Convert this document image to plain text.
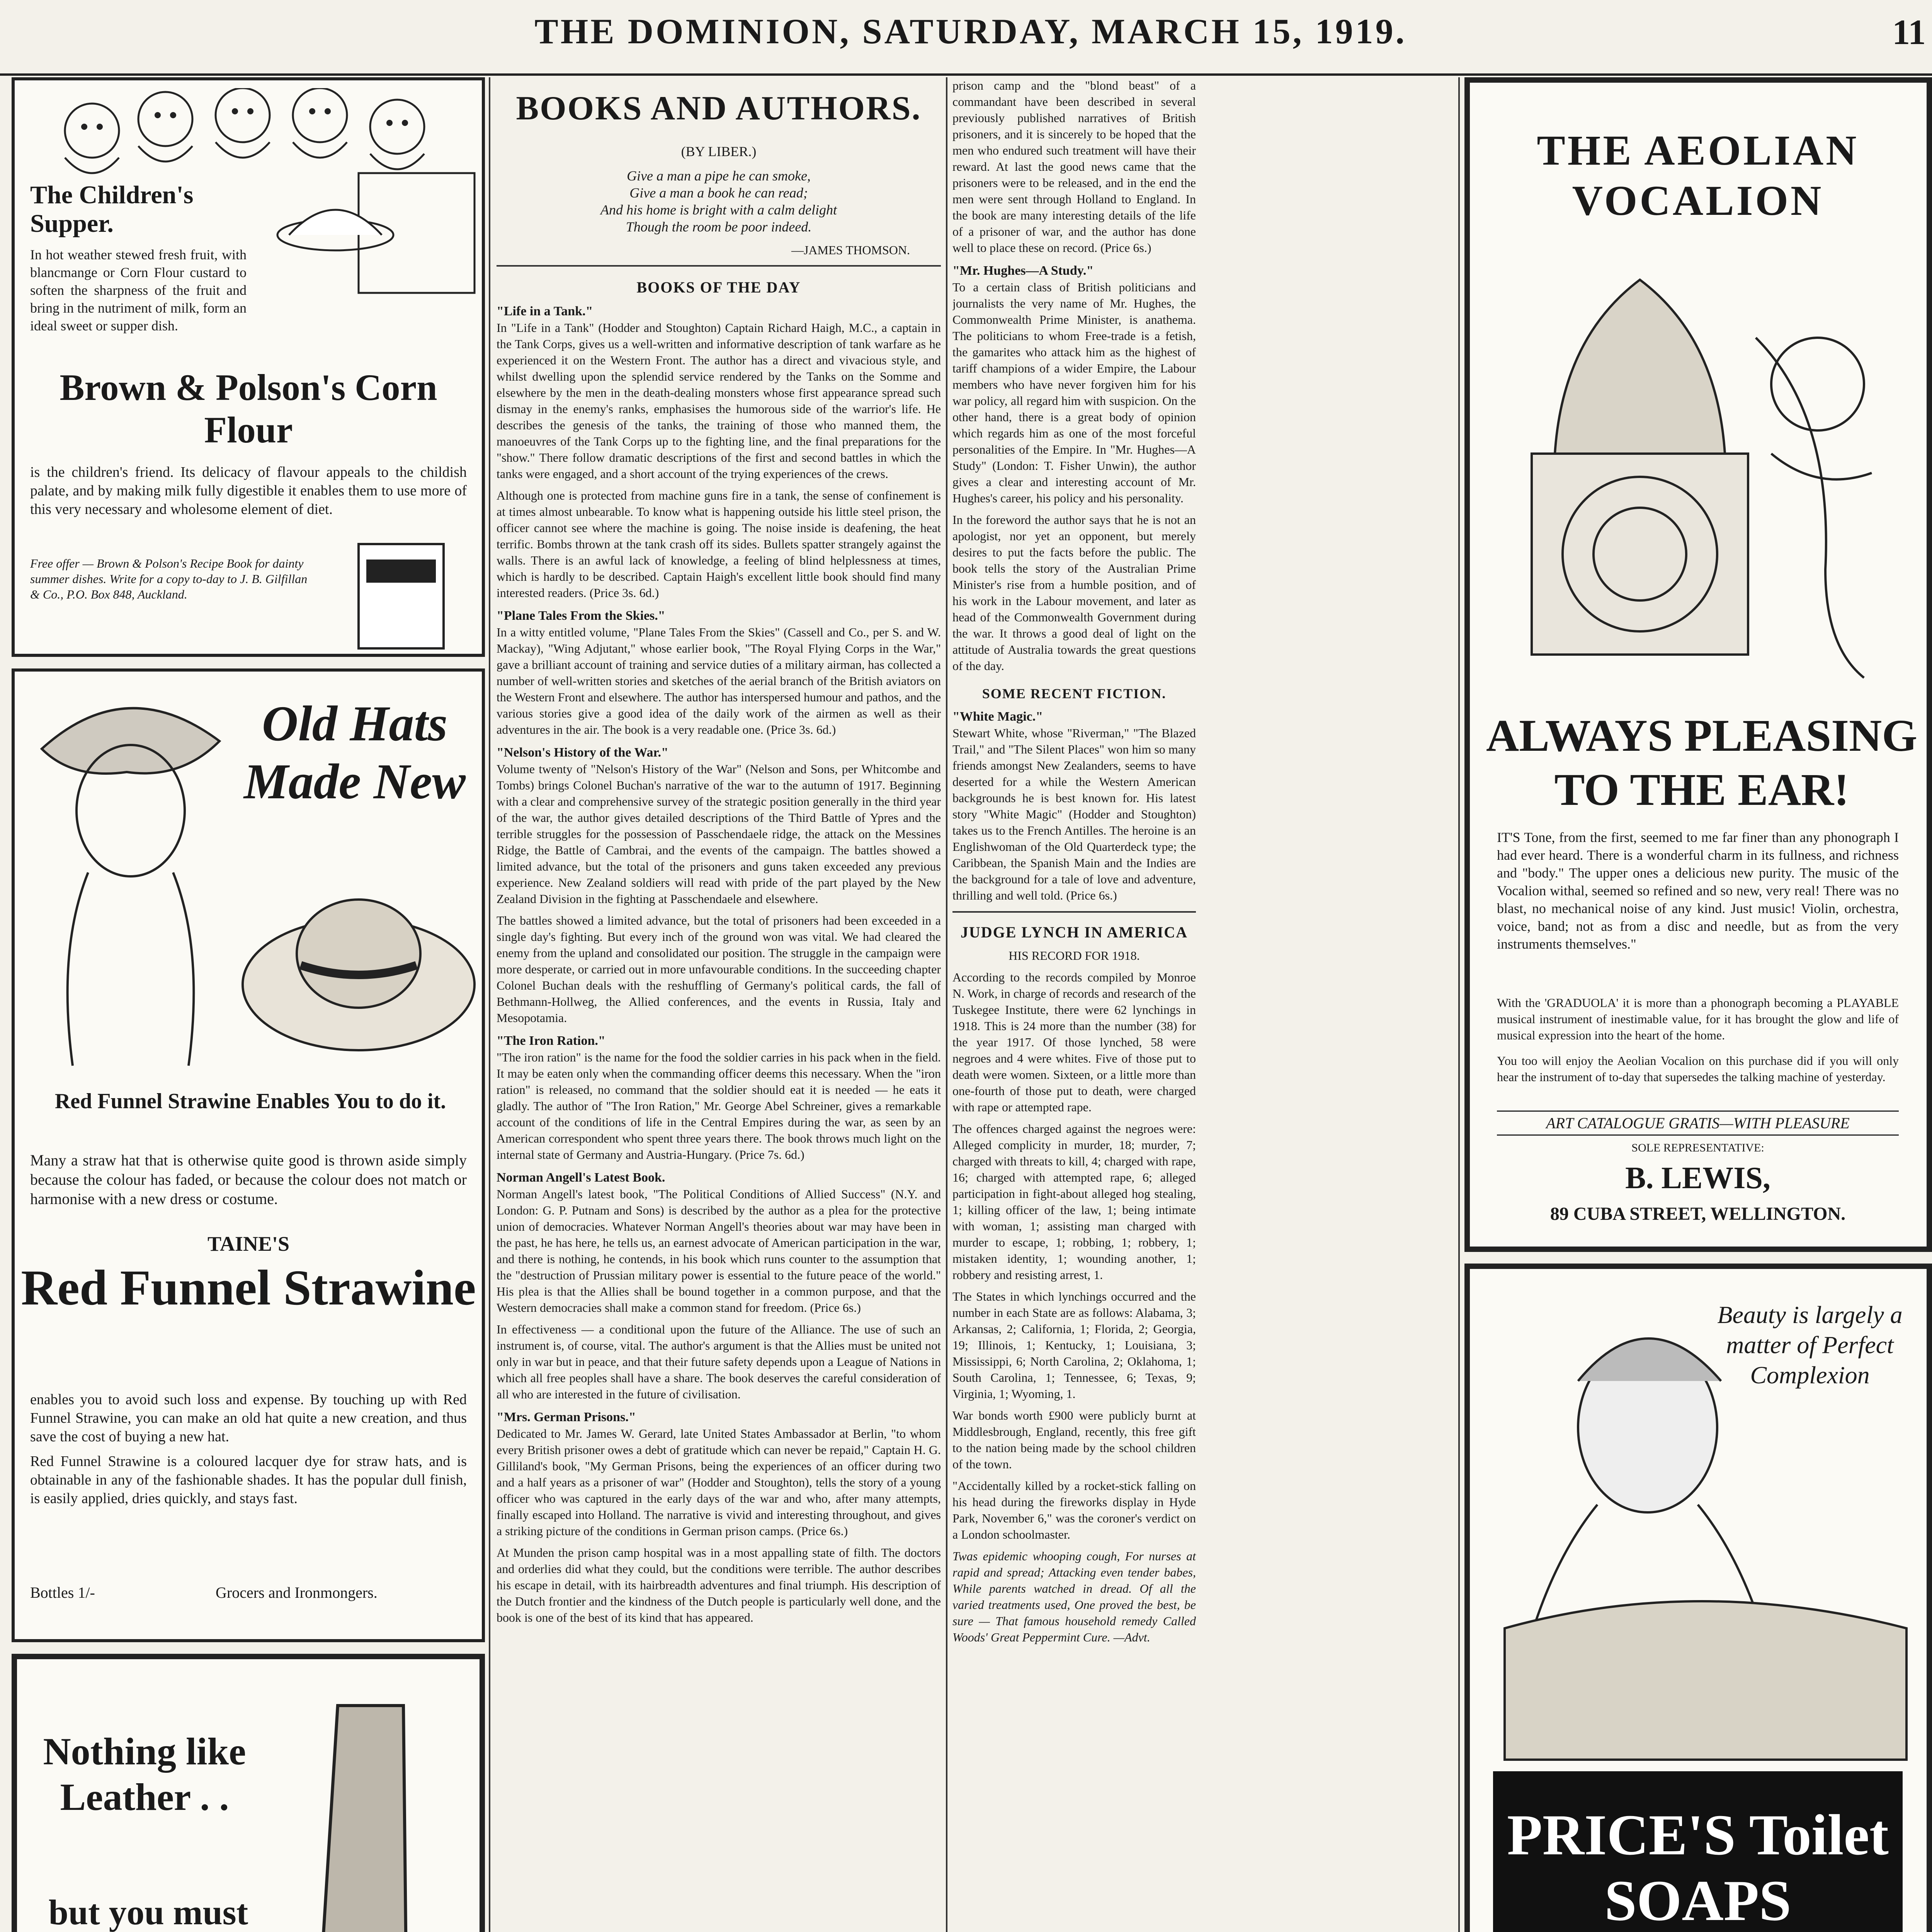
THE DOMINION, SATURDAY, MARCH 15, 1919.	11
The Children's Supper.
In hot weather stewed fresh fruit, with blancmange or Corn Flour custard to soften the sharpness of the fruit and bring in the nutriment of milk, form an ideal sweet or supper dish.
Brown & Polson's Corn Flour
is the children's friend. Its delicacy of flavour appeals to the childish palate, and by making milk fully digestible it enables them to use more of this very necessary and wholesome element of diet.
Free offer — Brown & Polson's Recipe Book for dainty summer dishes. Write for a copy to-day to J. B. Gilfillan & Co., P.O. Box 848, Auckland.
Old Hats Made New
Red Funnel Strawine Enables You to do it.
Many a straw hat that is otherwise quite good is thrown aside simply because the colour has faded, or because the colour does not match or harmonise with a new dress or costume.
TAINE'S
Red Funnel Strawine
enables you to avoid such loss and expense. By touching up with Red Funnel Strawine, you can make an old hat quite a new creation, and thus save the cost of buying a new hat.
Red Funnel Strawine is a coloured lacquer dye for straw hats, and is obtainable in any of the fashionable shades. It has the popular dull finish, is easily applied, dries quickly, and stays fast.
Bottles 1/-	Grocers and Ironmongers.
Nothing like Leather . .
but you must
BOOKS AND AUTHORS.
(BY LIBER.)
Give a man a pipe he can smoke,
Give a man a book he can read;
And his home is bright with a calm delight
Though the room be poor indeed.
—JAMES THOMSON.
BOOKS OF THE DAY
"Life in a Tank."

In "Life in a Tank" (Hodder and Stoughton) Captain Richard Haigh, M.C., a captain in the Tank Corps, gives us a well-written and informative description of tank warfare as he experienced it on the Western Front. The author has a direct and vivacious style, and whilst dwelling upon the splendid service rendered by the Tanks on the Somme and elsewhere by the men in the death-dealing monsters whose first appearance spread such dismay in the enemy's ranks, emphasises the humorous side of the warrior's life. He describes the genesis of the tanks, the training of those who manned them, the manoeuvres of the Tank Corps up to the fighting line, and the final preparations for the "show." There follow dramatic descriptions of the first and second battles in which the tanks were engaged, and a short account of the trying experiences of the crews.

Although one is protected from machine guns fire in a tank, the sense of confinement is at times almost unbearable. To know what is happening outside his little steel prison, the officer cannot see where the machine is going. The noise inside is deafening, the heat terrific. Bombs thrown at the tank crash off its sides. Bullets spatter strangely against the walls. There is an awful lack of knowledge, a feeling of blind helplessness at times, which is hardly to be described. Captain Haigh's excellent little book should find many interested readers. (Price 3s. 6d.)

"Plane Tales From the Skies."

In a witty entitled volume, "Plane Tales From the Skies" (Cassell and Co., per S. and W. Mackay), "Wing Adjutant," whose earlier book, "The Royal Flying Corps in the War," gave a brilliant account of training and service duties of a military airman, has collected a number of well-written stories and sketches of the aerial branch of the British aviators on the Western Front and elsewhere. The author has interspersed humour and pathos, and the various stories give a good idea of the daily work of the airmen as well as their adventures in the air. The book is a very readable one. (Price 3s. 6d.)

"Nelson's History of the War."

Volume twenty of "Nelson's History of the War" (Nelson and Sons, per Whitcombe and Tombs) brings Colonel Buchan's narrative of the war to the autumn of 1917. Beginning with a clear and comprehensive survey of the strategic position generally in the third year of the war, the author gives detailed descriptions of the Third Battle of Ypres and the terrible struggles for the possession of Passchendaele ridge, the attack on the Messines Ridge, the Battle of Cambrai, and the events of the campaign. The battles showed a limited advance, but the total of the prisoners and guns taken exceeded any previous experience. New Zealand soldiers will read with pride of the part played by the New Zealand Division in the fighting at Passchendaele and elsewhere.

The battles showed a limited advance, but the total of prisoners had been exceeded in a single day's fighting. But every inch of the ground won was vital. We had cleared the enemy from the upland and consolidated our position. The struggle in the campaign were more desperate, or carried out in more unfavourable conditions. In the succeeding chapter Colonel Buchan deals with the reshuffling of Germany's political cards, the fall of Bethmann-Hollweg, the Allied conferences, and the events in Russia, Italy and Mesopotamia.

"The Iron Ration."

"The iron ration" is the name for the food the soldier carries in his pack when in the field. It may be eaten only when the commanding officer deems this necessary. When the "iron ration" is released, no command that the soldier should eat it is needed — he eats it gladly. The author of "The Iron Ration," Mr. George Abel Schreiner, gives a remarkable account of the conditions of life in the Central Empires during the war, as seen by an American correspondent who spent three years there. The book throws much light on the internal state of Germany and Austria-Hungary. (Price 7s. 6d.)

Norman Angell's Latest Book.

Norman Angell's latest book, "The Political Conditions of Allied Success" (N.Y. and London: G. P. Putnam and Sons) is described by the author as a plea for the protective union of democracies. Whatever Norman Angell's theories about war may have been in the past, he has here, he tells us, an earnest advocate of American participation in the war, and there is nothing, he contends, in his book which runs counter to the assumption that the "destruction of Prussian military power is essential to the future peace of the world." His plea is that the Allies shall be bound together in a common purpose, and that the Western democracies shall make a common stand for freedom. (Price 6s.)

In effectiveness — a conditional upon the future of the Alliance. The use of such an instrument is, of course, vital. The author's argument is that the Allies must be united not only in war but in peace, and that their future safety depends upon a League of Nations in which all free peoples shall have a share. The book deserves the careful consideration of all who are interested in the future of civilisation.

"Mrs. German Prisons."

Dedicated to Mr. James W. Gerard, late United States Ambassador at Berlin, "to whom every British prisoner owes a debt of gratitude which can never be repaid," Captain H. G. Gilliland's book, "My German Prisons, being the experiences of an officer during two and a half years as a prisoner of war" (Hodder and Stoughton), tells the story of a young officer who was captured in the early days of the war and who, after many attempts, finally escaped into Holland. The narrative is vivid and interesting throughout, and gives a striking picture of the conditions in German prison camps. (Price 6s.)

At Munden the prison camp hospital was in a most appalling state of filth. The doctors and orderlies did what they could, but the conditions were terrible. The author describes his escape in detail, with its hairbreadth adventures and final triumph. His description of the Dutch frontier and the kindness of the Dutch people is particularly well done, and the book is one of the best of its kind that has appeared.

prison camp and the "blond beast" of a commandant have been described in several previously published narratives of British prisoners, and it is sincerely to be hoped that the men who endured such treatment will have their reward. At last the good news came that the prisoners were to be released, and in the end the men were sent through Holland to England. In the book are many interesting details of the life of a prisoner of war, and the author has done well to place these on record. (Price 6s.)

"Mr. Hughes—A Study."

To a certain class of British politicians and journalists the very name of Mr. Hughes, the Commonwealth Prime Minister, is anathema. The politicians to whom Free-trade is a fetish, the gamarites who attack him as the highest of tariff champions of a wider Empire, the Labour members who have never forgiven him for his war policy, all regard him with suspicion. On the other hand, there is a great body of opinion which regards him as one of the most forceful personalities of the Empire. In "Mr. Hughes—A Study" (London: T. Fisher Unwin), the author gives a clear and interesting account of Mr. Hughes's career, his policy and his personality.

In the foreword the author says that he is not an apologist, nor yet an opponent, but merely desires to put the facts before the public. The book tells the story of the Australian Prime Minister's rise from a humble position, and of his work in the Labour movement, and later as head of the Commonwealth Government during the war. It throws a good deal of light on the attitude of Australia towards the great questions of the day.

SOME RECENT FICTION.
"White Magic."

Stewart White, whose "Riverman," "The Blazed Trail," and "The Silent Places" won him so many friends amongst New Zealanders, seems to have deserted for a while the Western American backgrounds he is best known for. His latest story "White Magic" (Hodder and Stoughton) takes us to the French Antilles. The heroine is an Englishwoman of the Old Quarterdeck type; the Caribbean, the Spanish Main and the Indies are the background for a tale of love and adventure, thrilling and well told. (Price 6s.)

JUDGE LYNCH IN AMERICA
HIS RECORD FOR 1918.

According to the records compiled by Monroe N. Work, in charge of records and research of the Tuskegee Institute, there were 62 lynchings in 1918. This is 24 more than the number (38) for the year 1917. Of those lynched, 58 were negroes and 4 were whites. Five of those put to death were women. Sixteen, or a little more than one-fourth of those put to death, were charged with rape or attempted rape.

The offences charged against the negroes were: Alleged complicity in murder, 18; murder, 7; charged with threats to kill, 4; charged with rape, 16; charged with attempted rape, 6; alleged participation in fight-about alleged hog stealing, 1; killing officer of the law, 1; being intimate with woman, 1; assisting man charged with murder to escape, 1; robbing, 1; robbery, 1; mistaken identity, 1; wounding another, 1; robbery and resisting arrest, 1.

The States in which lynchings occurred and the number in each State are as follows: Alabama, 3; Arkansas, 2; California, 1; Florida, 2; Georgia, 19; Illinois, 1; Kentucky, 1; Louisiana, 3; Mississippi, 6; North Carolina, 2; Oklahoma, 1; South Carolina, 1; Tennessee, 6; Texas, 9; Virginia, 1; Wyoming, 1.

War bonds worth £900 were publicly burnt at Middlesbrough, England, recently, this free gift to the nation being made by the school children of the town.

"Accidentally killed by a rocket-stick falling on his head during the fireworks display in Hyde Park, November 6," was the coroner's verdict on a London schoolmaster.

Twas epidemic whooping cough, For nurses at rapid and spread; Attacking even tender babes, While parents watched in dread. Of all the varied treatments used, One proved the best, be sure — That famous household remedy Called Woods' Great Peppermint Cure. —Advt.

THE AEOLIAN VOCALION
ALWAYS PLEASING TO THE EAR!
IT'S Tone, from the first, seemed to me far finer than any phonograph I had ever heard. There is a wonderful charm in its fullness, and richness and "body." The upper ones a delicious new purity. The music of the Vocalion withal, seemed so refined and so new, very real! There was no blast, no mechanical noise of any kind. Just music! Violin, orchestra, voice, band; not as from a disc and needle, but as from the very instruments themselves."
With the 'GRADUOLA' it is more than a phonograph becoming a PLAYABLE musical instrument of inestimable value, for it has brought the glow and life of musical expression into the heart of the home.
You too will enjoy the Aeolian Vocalion on this purchase did if you will only hear the instrument of to-day that supersedes the talking machine of yesterday.
ART CATALOGUE GRATIS—WITH PLEASURE
SOLE REPRESENTATIVE:
B. LEWIS,
89 CUBA STREET, WELLINGTON.
Beauty is largely a matter of Perfect Complexion
PRICE'S Toilet SOAPS
